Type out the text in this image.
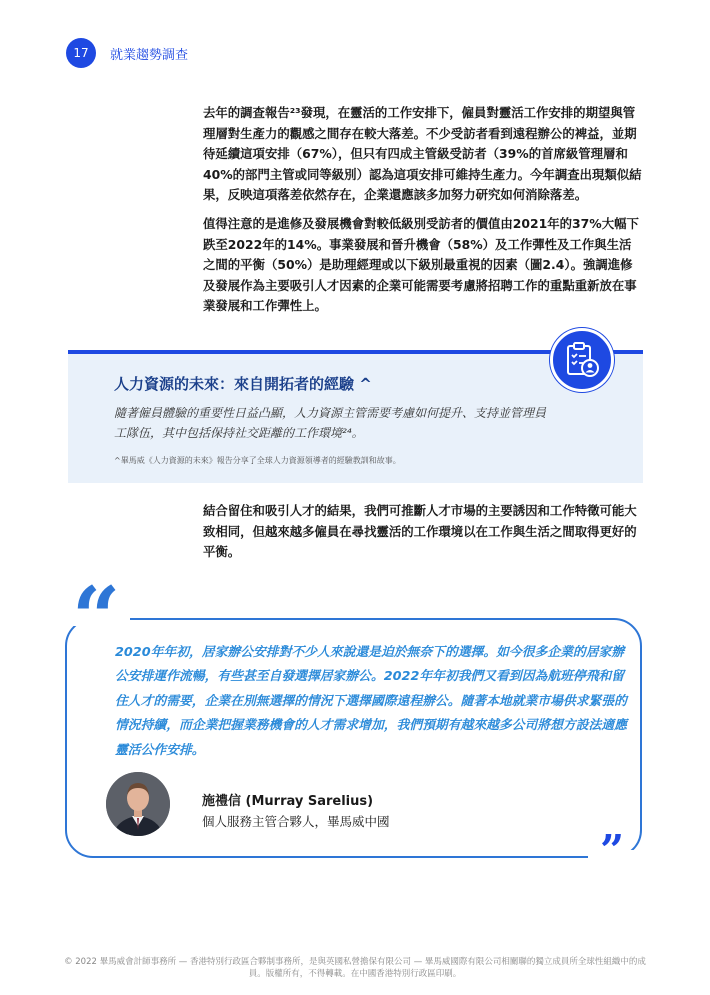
17	就業趨勢調查

去年的調查報告²³發現，在靈活的工作安排下，僱員對靈活工作安排的期望與管理層對生產力的觀感之間存在較大落差。不少受訪者看到遠程辦公的裨益，並期待延續這項安排（67%），但只有四成主管級受訪者（39%的首席級管理層和40%的部門主管或同等級別）認為這項安排可維持生產力。今年調查出現類似結果，反映這項落差依然存在，企業還應該多加努力研究如何消除落差。

值得注意的是進修及發展機會對較低級別受訪者的價值由2021年的37%大幅下跌至2022年的14%。事業發展和晉升機會（58%）及工作彈性及工作與生活之間的平衡（50%）是助理經理或以下級別最重視的因素（圖2.4）。強調進修及發展作為主要吸引人才因素的企業可能需要考慮將招聘工作的重點重新放在事業發展和工作彈性上。

人力資源的未來：來自開拓者的經驗 ^

隨著僱員體驗的重要性日益凸顯，人力資源主管需要考慮如何提升、支持並管理員工隊伍，其中包括保持社交距離的工作環境²⁴。

^畢馬威《人力資源的未來》報告分享了全球人力資源領導者的經驗教訓和故事。

結合留住和吸引人才的結果，我們可推斷人才市場的主要誘因和工作特徵可能大致相同，但越來越多僱員在尋找靈活的工作環境以在工作與生活之間取得更好的平衡。

“

2020年年初，居家辦公安排對不少人來說還是迫於無奈下的選擇。如今很多企業的居家辦公安排運作流暢，有些甚至自發選擇居家辦公。2022年年初我們又看到因為航班停飛和留住人才的需要，企業在別無選擇的情況下選擇國際遠程辦公。隨著本地就業市場供求緊張的情況持續，而企業把握業務機會的人才需求增加，我們預期有越來越多公司將想方設法適應靈活公作安排。

施禮信 (Murray Sarelius)
個人服務主管合夥人，畢馬威中國
”

© 2022 畢馬威會計師事務所 — 香港特別行政區合夥制事務所，是與英國私營擔保有限公司 — 畢馬威國際有限公司相關聯的獨立成員所全球性組織中的成員。版權所有，不得轉載。在中國香港特別行政區印刷。
